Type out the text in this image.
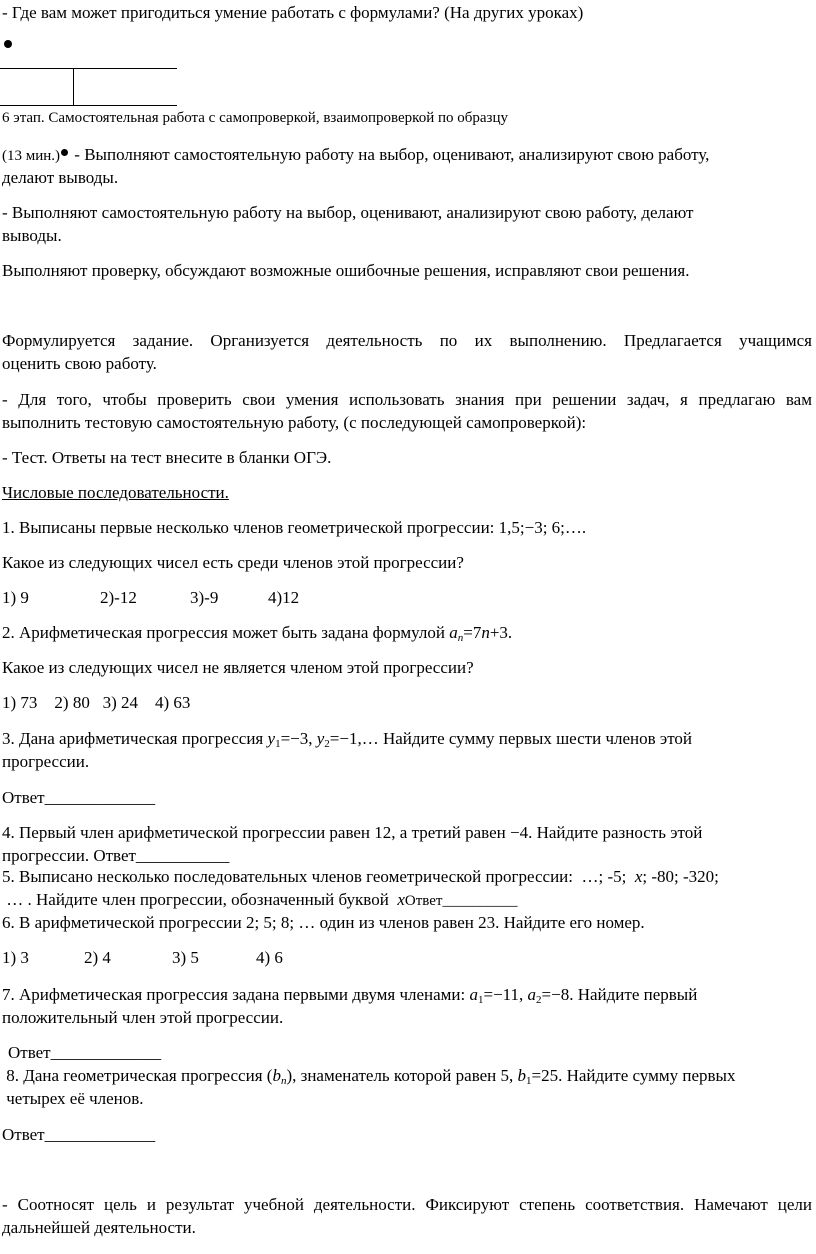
- Где вам может пригодиться умение работать с формулами? (На других уроках)
6 этап. Самостоятельная работа с самопроверкой, взаимопроверкой по образцу
(13 мин.) - Выполняют самостоятельную работу на выбор, оценивают, анализируют свою работу,
делают выводы.
- Выполняют самостоятельную работу на выбор, оценивают, анализируют свою работу, делают
выводы.
Выполняют проверку, обсуждают возможные ошибочные решения, исправляют свои решения.
Формулируется задание. Организуется деятельность по их выполнению. Предлагается учащимся
оценить свою работу.
- Для того, чтобы проверить свои умения использовать знания при решении задач, я предлагаю вам
выполнить тестовую самостоятельную работу, (с последующей самопроверкой):
- Тест. Ответы на тест внесите в бланки ОГЭ.
Числовые последовательности.
1. Выписаны первые несколько членов геометрической прогрессии: 1,5;−3; 6;….
Какое из следующих чисел есть среди членов этой прогрессии?
1) 9	2)-12	3)-9	4)12
2. Арифметическая прогрессия может быть задана формулой $a_n=7n+3$.
Какое из следующих чисел не является членом этой прогрессии?
1) 73    2) 80   3) 24    4) 63
3. Дана арифметическая прогрессия $y_1=-3$, $y_2=-1,\dots$ Найдите сумму первых шести членов этой
прогрессии.
Ответ_____________
4. Первый член арифметической прогрессии равен 12, а третий равен −4. Найдите разность этой
прогрессии. Ответ___________
5. Выписано несколько последовательных членов геометрической прогрессии:  …; -5;  x; -80; -320;
… . Найдите член прогрессии, обозначенный буквой  xОтвет__________
6. В арифметической прогрессии 2; 5; 8; … один из членов равен 23. Найдите его номер.
1) 3	2) 4	3) 5	4) 6
7. Арифметическая прогрессия задана первыми двумя членами: $a_1=-11$, $a_2=-8$. Найдите первый
положительный член этой прогрессии.
Ответ_____________
8. Дана геометрическая прогрессия $(b_n)$, знаменатель которой равен 5, $b_1=25$. Найдите сумму первых
четырех её членов.
Ответ_____________
- Соотносят цель и результат учебной деятельности. Фиксируют степень соответствия. Намечают цели
дальнейшей деятельности.
